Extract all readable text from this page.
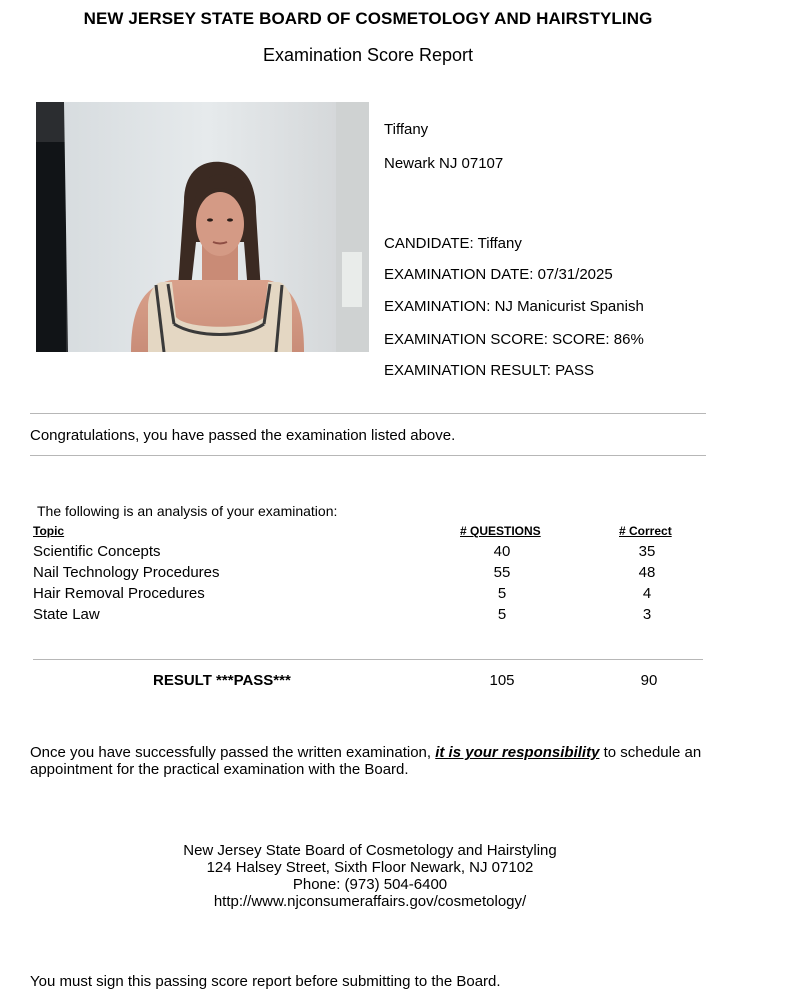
NEW JERSEY STATE BOARD OF COSMETOLOGY AND HAIRSTYLING
Examination Score Report
Tiffany
Newark NJ 07107
CANDIDATE: Tiffany
EXAMINATION DATE: 07/31/2025
EXAMINATION: NJ Manicurist Spanish
EXAMINATION SCORE: SCORE: 86%
EXAMINATION RESULT: PASS
Congratulations, you have passed the examination listed above.
The following is an analysis of your examination:
Topic	# QUESTIONS	# Correct
Scientific Concepts	40	35
Nail Technology Procedures	55	48
Hair Removal Procedures	5	4
State Law	5	3
RESULT ***PASS***	105	90
Once you have successfully passed the written examination, it is your responsibility to schedule an appointment for the practical examination with the Board.
New Jersey State Board of Cosmetology and Hairstyling
124 Halsey Street, Sixth Floor Newark, NJ 07102
Phone: (973) 504-6400
http://www.njconsumeraffairs.gov/cosmetology/
You must sign this passing score report before submitting to the Board.
